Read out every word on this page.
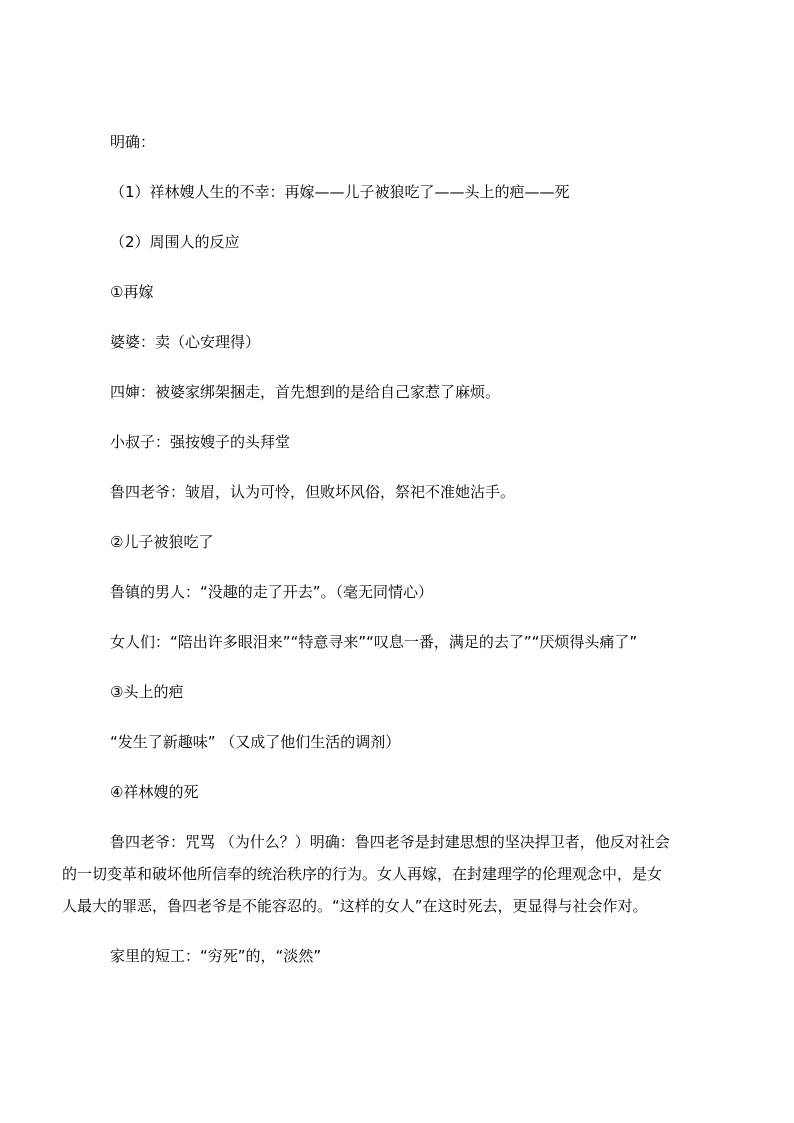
明确：
（1）祥林嫂人生的不幸：再嫁——儿子被狼吃了——头上的疤——死
（2）周围人的反应
①再嫁
婆婆：卖（心安理得）
四婶：被婆家绑架捆走，首先想到的是给自己家惹了麻烦。
小叔子：强按嫂子的头拜堂
鲁四老爷：皱眉，认为可怜，但败坏风俗，祭祀不准她沾手。
②儿子被狼吃了
鲁镇的男人：“没趣的走了开去”。（毫无同情心）
女人们：“陪出许多眼泪来”“特意寻来”“叹息一番，满足的去了”“厌烦得头痛了”
③头上的疤
“发生了新趣味” （又成了他们生活的调剂）
④祥林嫂的死
鲁四老爷：咒骂 （为什么？）明确：鲁四老爷是封建思想的坚决捍卫者，他反对社会
的一切变革和破坏他所信奉的统治秩序的行为。女人再嫁，在封建理学的伦理观念中，是女
人最大的罪恶，鲁四老爷是不能容忍的。“这样的女人”在这时死去，更显得与社会作对。
家里的短工：“穷死”的，“淡然”
